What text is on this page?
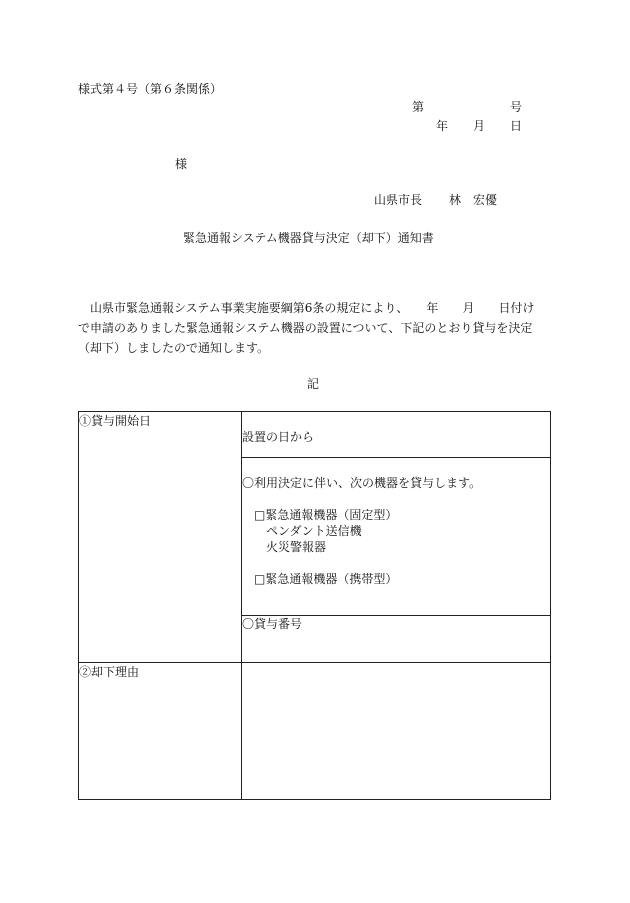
様式第４号（第６条関係）
第	号
年 月 日
様
山県市長 林　宏優
緊急通報システム機器貸与決定（却下）通知書

山県市緊急通報システム事業実施要綱第6条の規定により、　　年　　月　　日付け

で申請のありました緊急通報システム機器の設置について、下記のとおり貸与を決定

（却下）しましたので通知します。

記
①貸与開始日	設置の日から

	〇利用決定に伴い、次の機器を貸与します。
□緊急通報機器（固定型）
ペンダント送信機
火災警報器
□緊急通報機器（携帯型）

	〇貸与番号
②却下理由	
